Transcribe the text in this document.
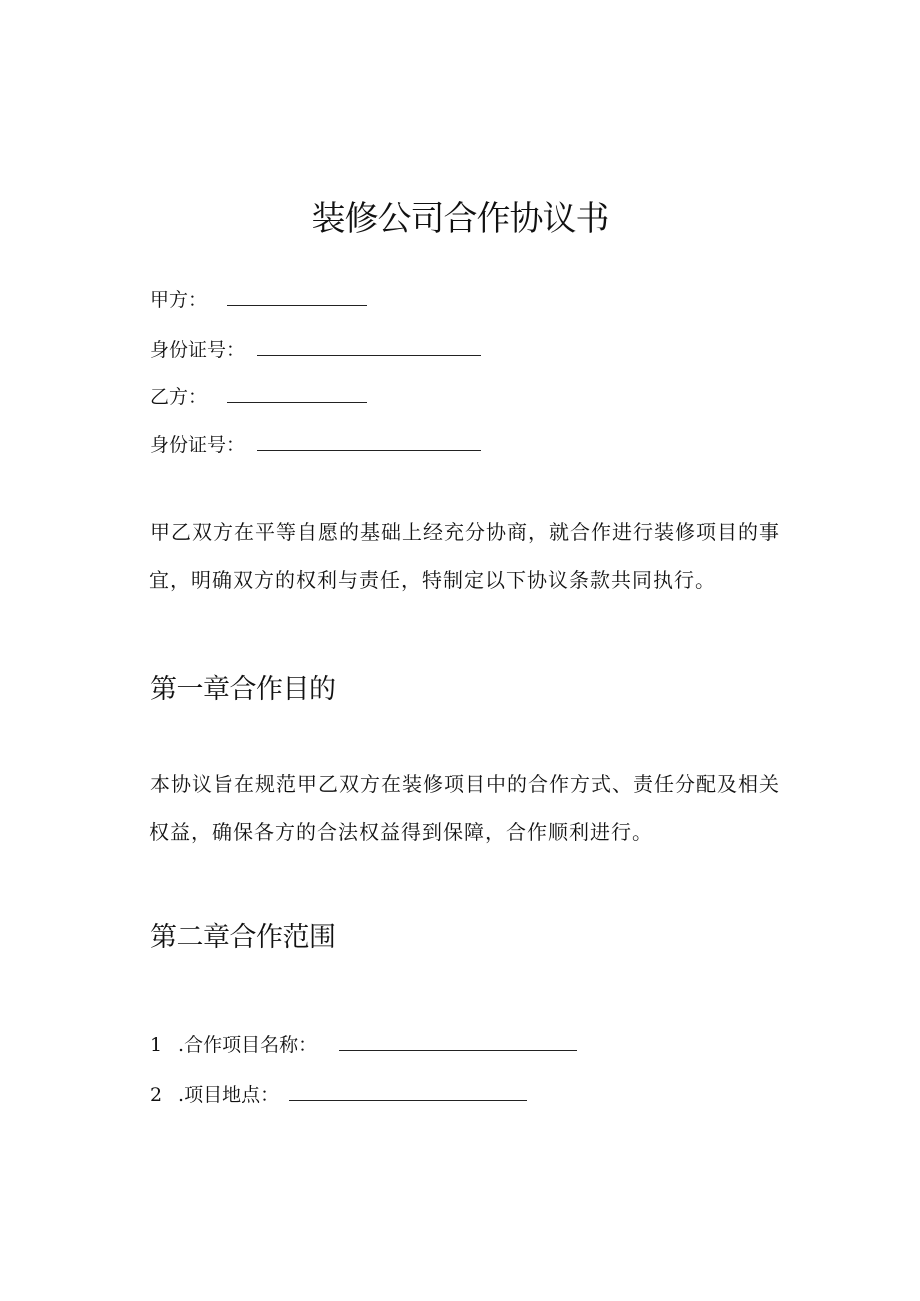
装修公司合作协议书
甲方：
身份证号：
乙方：
身份证号：

甲乙双方在平等自愿的基础上经充分协商，就合作进行装修项目的事
宜，明确双方的权利与责任，特制定以下协议条款共同执行。

第一章合作目的

本协议旨在规范甲乙双方在装修项目中的合作方式、责任分配及相关
权益，确保各方的合法权益得到保障，合作顺利进行。

第二章合作范围
1 .合作项目名称：
2 .项目地点：
